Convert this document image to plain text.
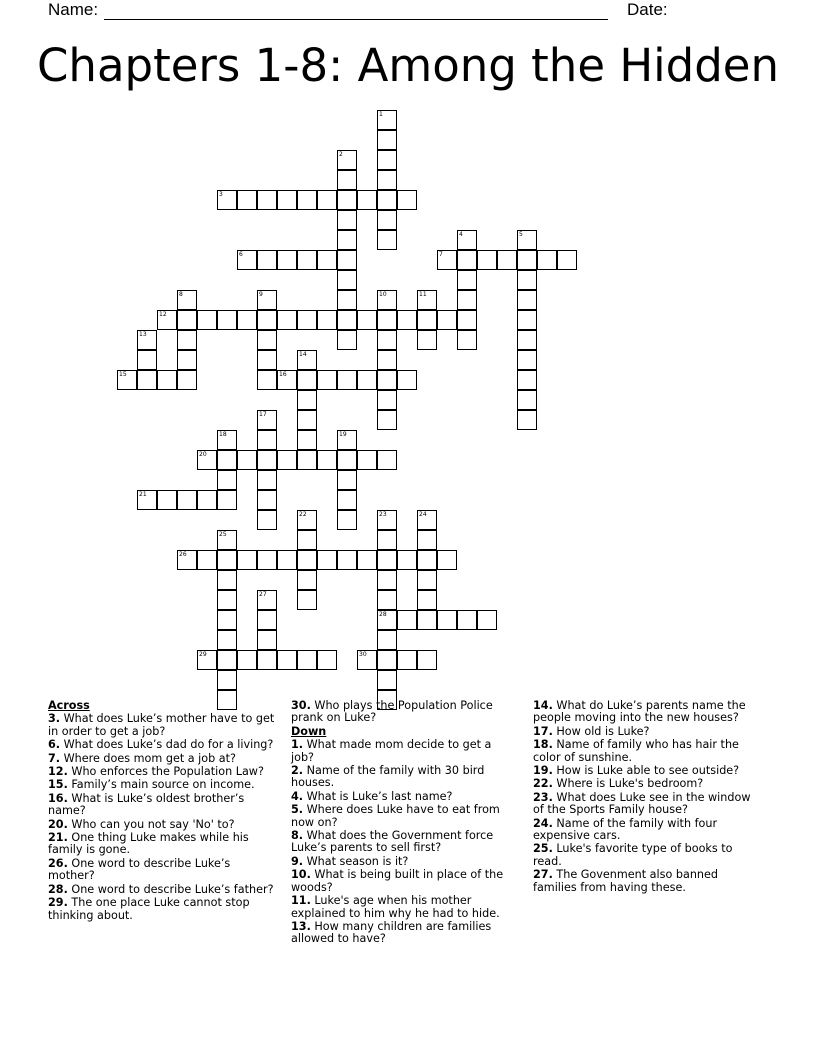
Name:	Date:
Chapters 1-8: Among the Hidden
1
2
3
4	5
6	7
8	9	10	11
12
13
14
15	16
17
18	19
20
21
22	23
28
24
25
26
27
29	30
Across
3. What does Luke’s mother have to get in order to get a job?
6. What does Luke’s dad do for a living?
7. Where does mom get a job at?
12. Who enforces the Population Law?
15. Family’s main source on income.
16. What is Luke’s oldest brother’s name?
20. Who can you not say 'No' to?
21. One thing Luke makes while his family is gone.
26. One word to describe Luke’s mother?
28. One word to describe Luke’s father?
29. The one place Luke cannot stop thinking about.
30. Who plays the Population Police prank on Luke?
Down
1. What made mom decide to get a job?
2. Name of the family with 30 bird houses.
4. What is Luke’s last name?
5. Where does Luke have to eat from now on?
8. What does the Government force Luke’s parents to sell first?
9. What season is it?
10. What is being built in place of the woods?
11. Luke's age when his mother explained to him why he had to hide.
13. How many children are families allowed to have?
14. What do Luke’s parents name the people moving into the new houses?
17. How old is Luke?
18. Name of family who has hair the color of sunshine.
19. How is Luke able to see outside?
22. Where is Luke's bedroom?
23. What does Luke see in the window of the Sports Family house?
24. Name of the family with four expensive cars.
25. Luke's favorite type of books to read.
27. The Govenment also banned families from having these.
